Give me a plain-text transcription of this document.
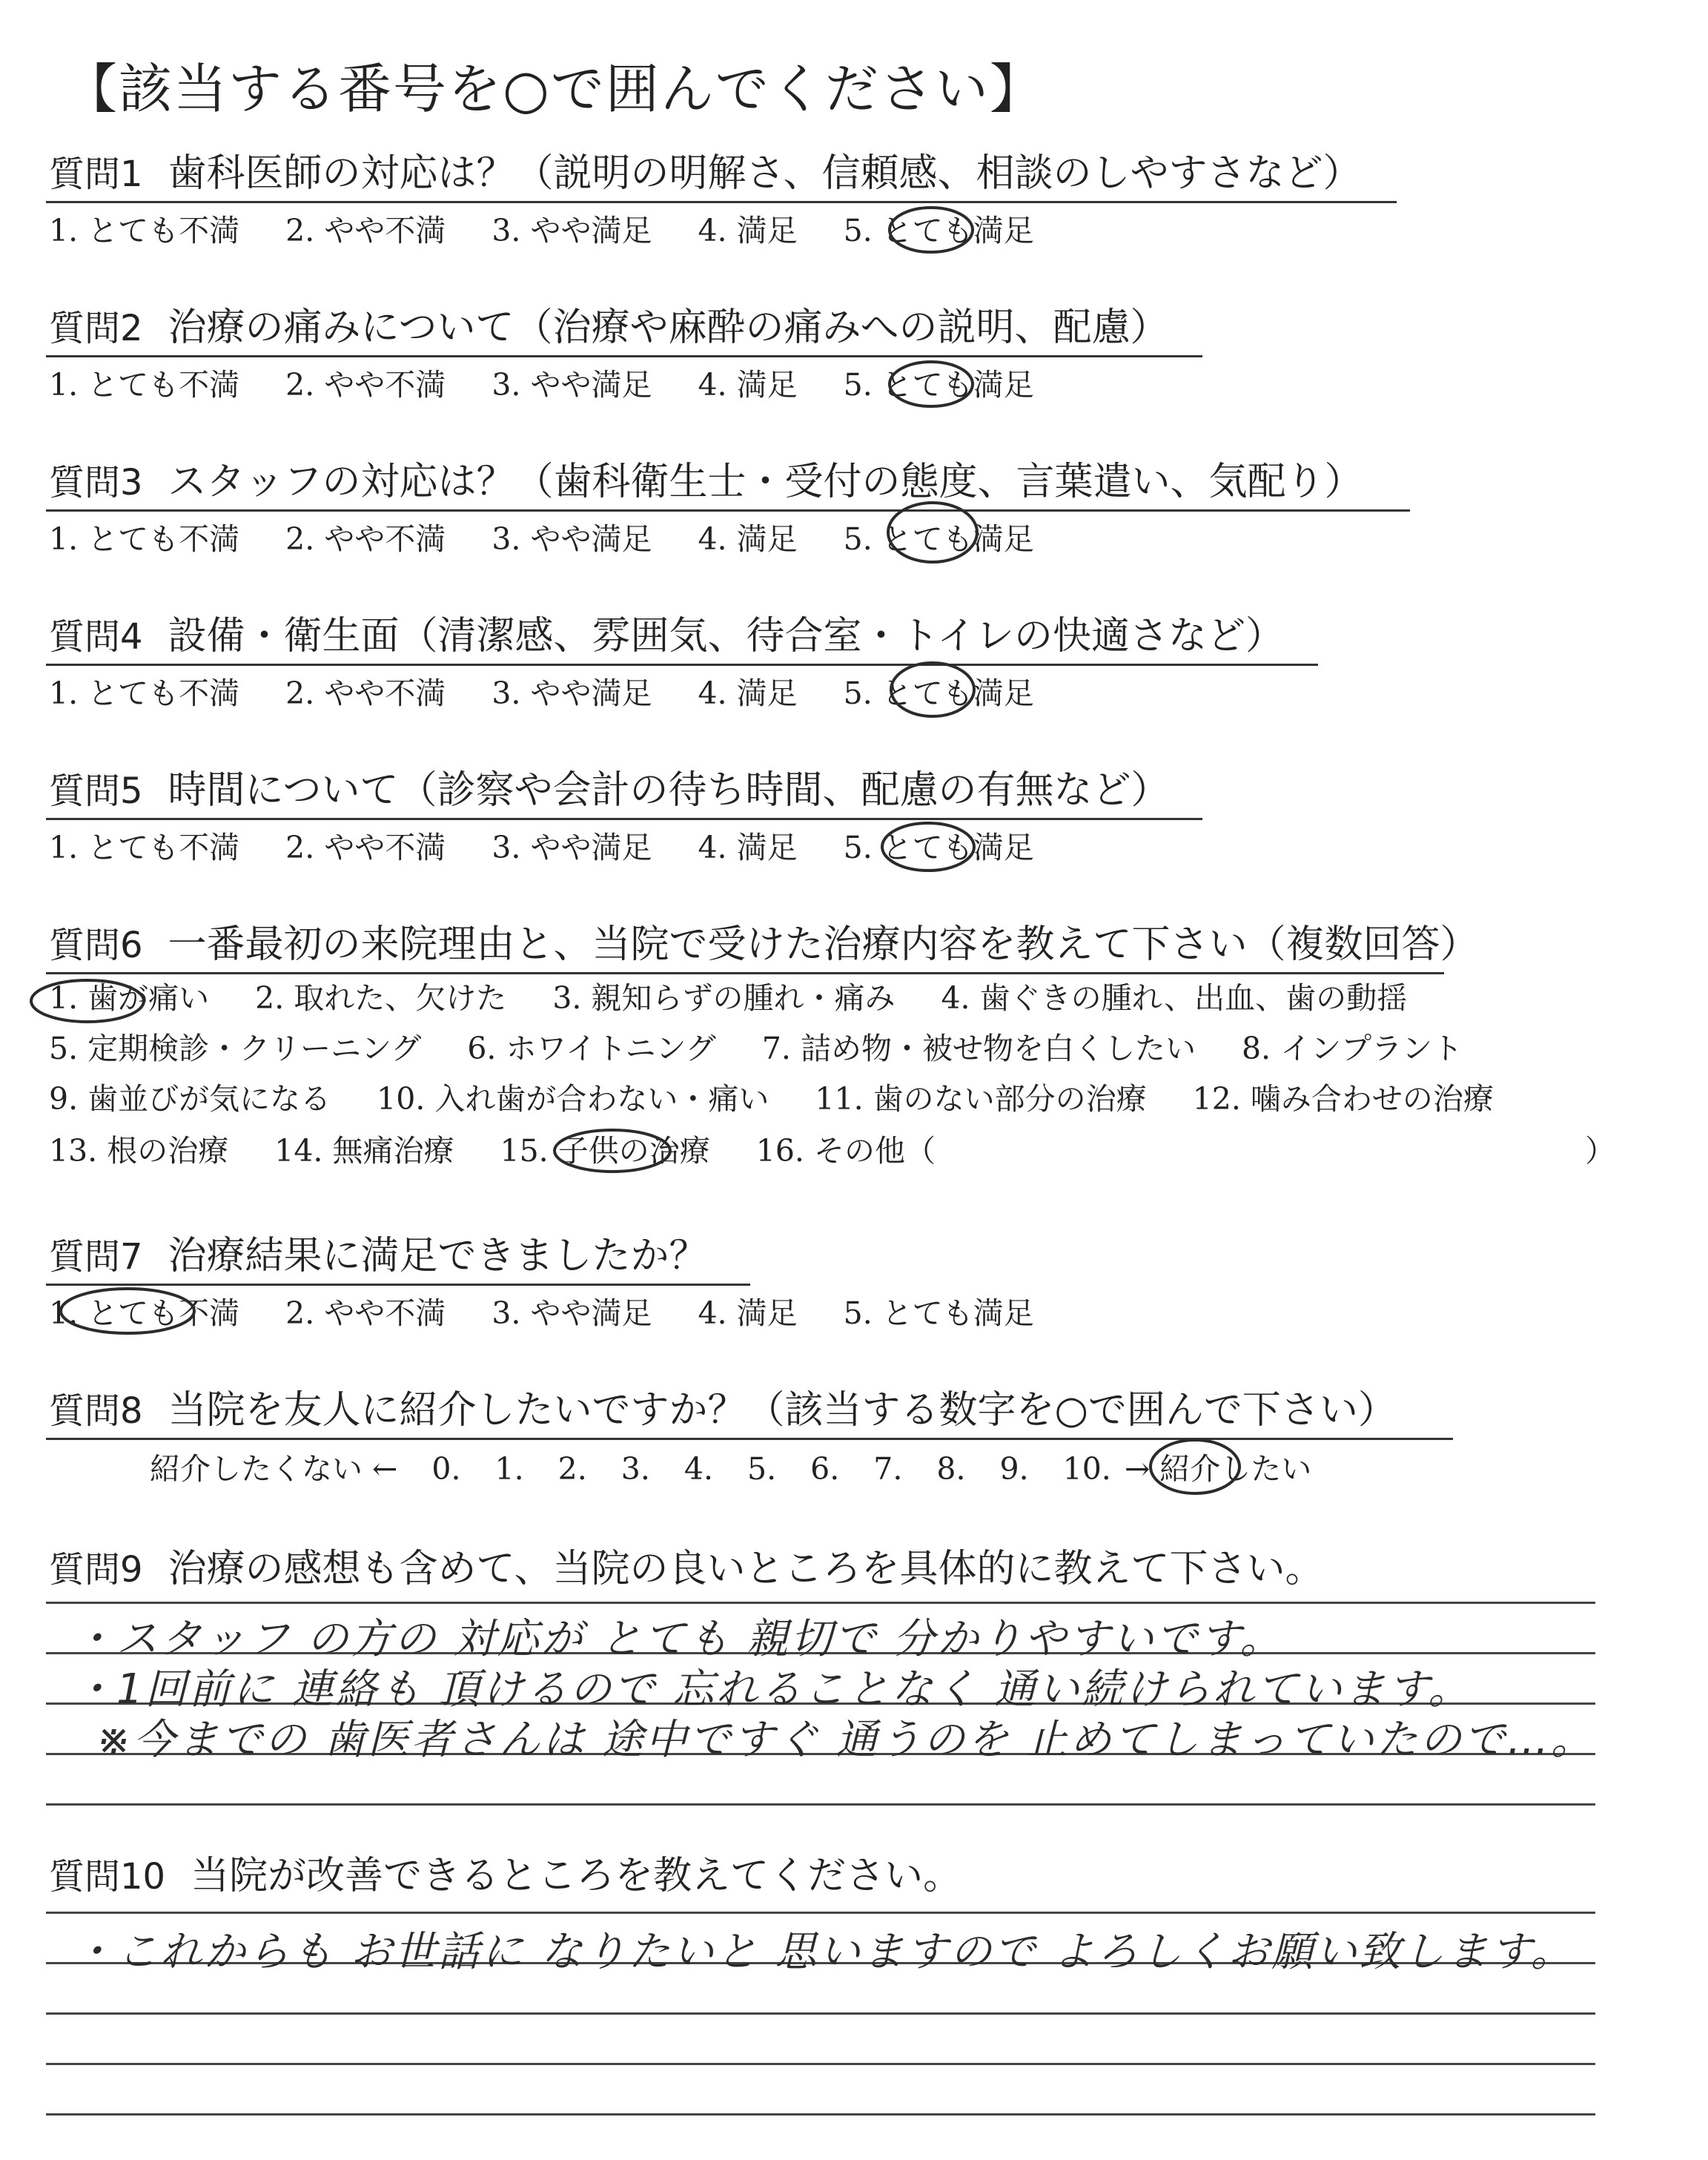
【該当する番号を○で囲んでください】
質問1 歯科医師の対応は？（説明の明解さ、信頼感、相談のしやすさなど）
1. とても不満 2. やや不満 3. やや満足 4. 満足 5. とても満足
質問2 治療の痛みについて（治療や麻酔の痛みへの説明、配慮）
1. とても不満 2. やや不満 3. やや満足 4. 満足 5. とても満足
質問3 スタッフの対応は？（歯科衛生士・受付の態度、言葉遣い、気配り）
1. とても不満 2. やや不満 3. やや満足 4. 満足 5. とても満足
質問4 設備・衛生面（清潔感、雰囲気、待合室・トイレの快適さなど）
1. とても不満 2. やや不満 3. やや満足 4. 満足 5. とても満足
質問5 時間について（診察や会計の待ち時間、配慮の有無など）
1. とても不満 2. やや不満 3. やや満足 4. 満足 5. とても満足
質問6 一番最初の来院理由と、当院で受けた治療内容を教えて下さい（複数回答）
1. 歯が痛い 2. 取れた、欠けた 3. 親知らずの腫れ・痛み 4. 歯ぐきの腫れ、出血、歯の動揺
5. 定期検診・クリーニング 6. ホワイトニング 7. 詰め物・被せ物を白くしたい 8. インプラント
9. 歯並びが気になる 10. 入れ歯が合わない・痛い 11. 歯のない部分の治療 12. 噛み合わせの治療
13. 根の治療 14. 無痛治療 15. 子供の治療 16. その他（	）
質問7 治療結果に満足できましたか？
1. とても不満 2. やや不満 3. やや満足 4. 満足 5. とても満足
質問8 当院を友人に紹介したいですか？（該当する数字を○で囲んで下さい）
紹介したくない ← 0. 1. 2. 3. 4. 5. 6. 7. 8. 9. 10. → 紹介したい
質問9 治療の感想も含めて、当院の良いところを具体的に教えて下さい。
・スタッフ の方の 対応が とても 親切で 分かりやすいです。
・1回前に 連絡も 頂けるので 忘れることなく 通い続けられています。
※今までの 歯医者さんは 途中ですぐ 通うのを 止めてしまっていたので…。
質問10 当院が改善できるところを教えてください。
・これからも お世話に なりたいと 思いますので よろしくお願い致します。
